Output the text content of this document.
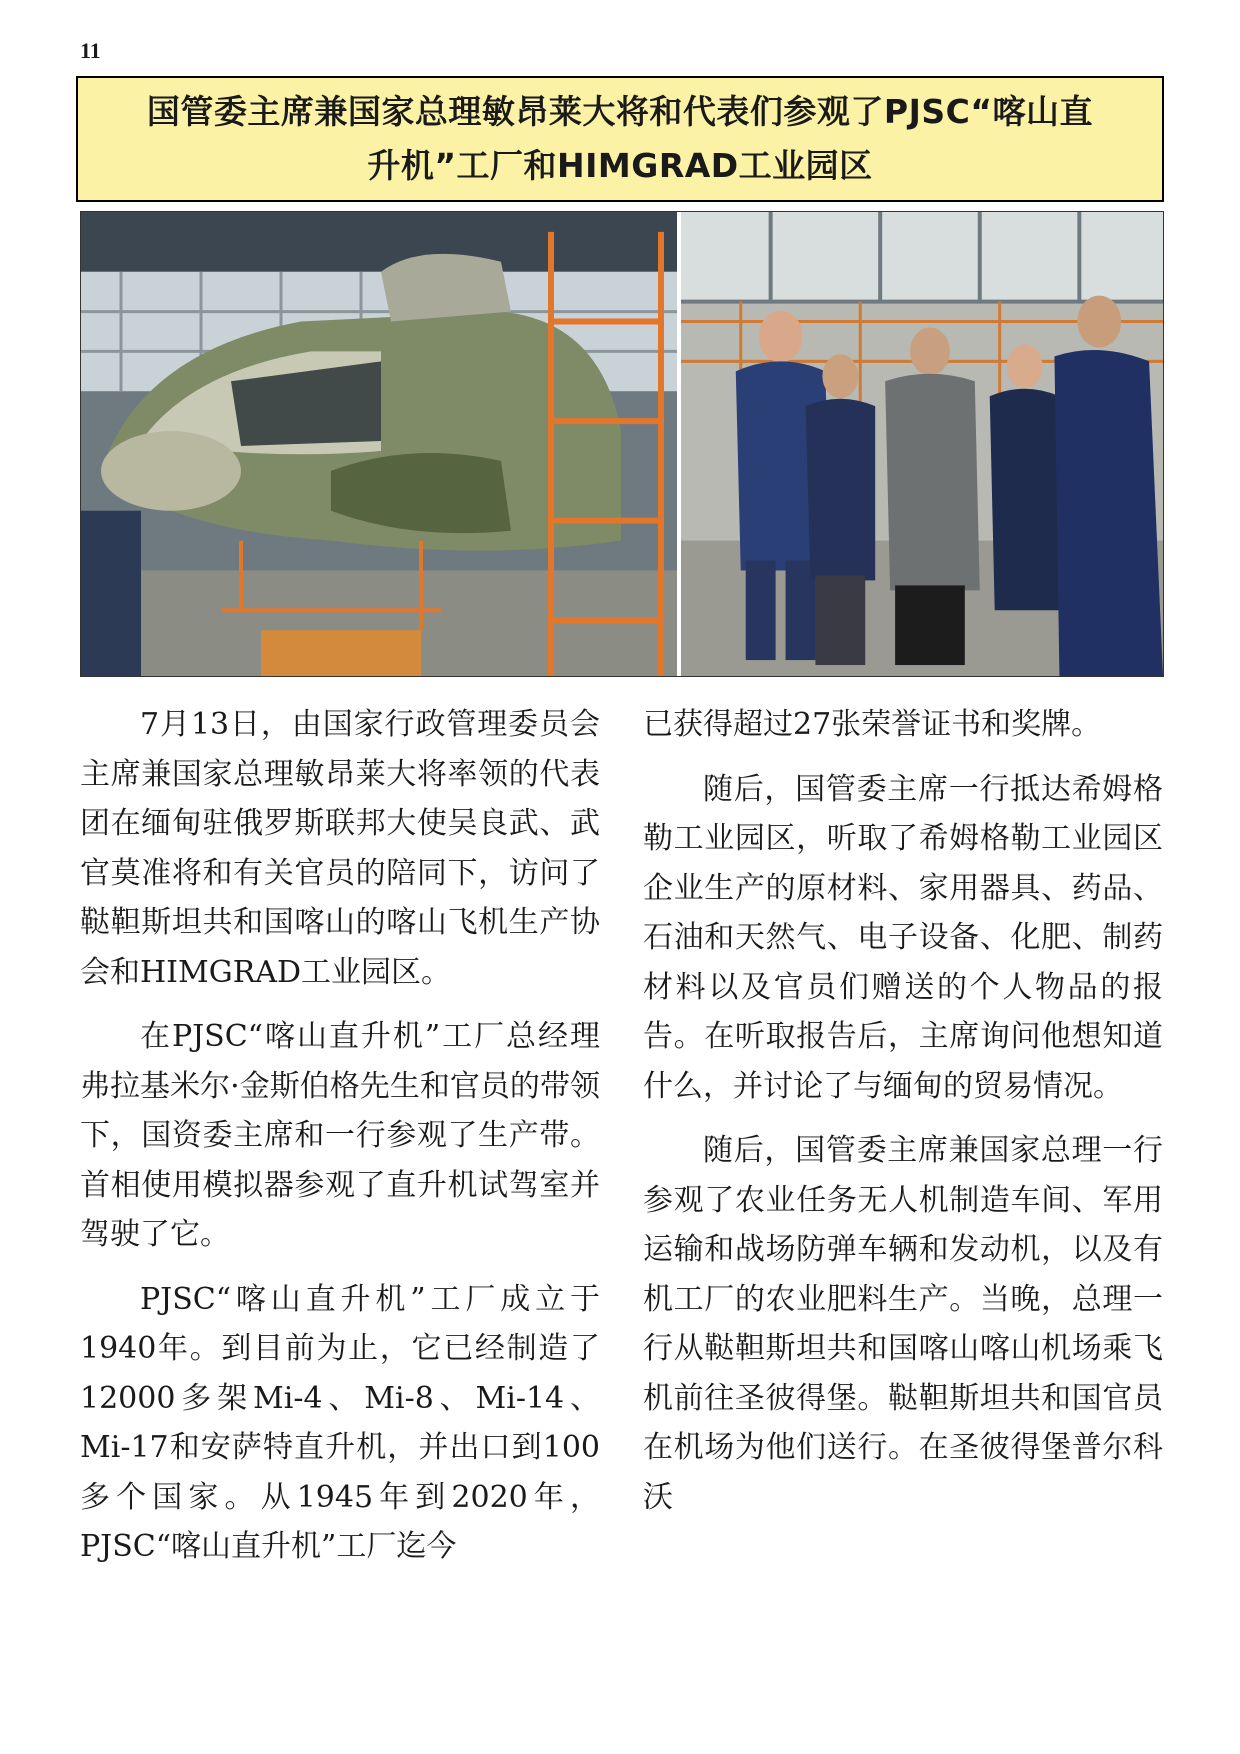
11
国管委主席兼国家总理敏昂莱大将和代表们参观了PJSC“喀山直
升机”工厂和HIMGRAD工业园区

7月13日，由国家行政管理委员会主席兼国家总理敏昂莱大将率领的代表团在缅甸驻俄罗斯联邦大使吴良武、武官莫准将和有关官员的陪同下，访问了鞑靼斯坦共和国喀山的喀山飞机生产协会和HIMGRAD工业园区。

在PJSC“喀山直升机”工厂总经理弗拉基米尔·金斯伯格先生和官员的带领下，国资委主席和一行参观了生产带。首相使用模拟器参观了直升机试驾室并驾驶了它。

PJSC“喀山直升机”工厂成立于1940年。到目前为止，它已经制造了12000多架Mi-4、Mi-8、Mi-14、Mi-17和安萨特直升机，并出口到100多个国家。从1945年到2020年，PJSC“喀山直升机”工厂迄今

已获得超过27张荣誉证书和奖牌。

随后，国管委主席一行抵达希姆格勒工业园区，听取了希姆格勒工业园区企业生产的原材料、家用器具、药品、石油和天然气、电子设备、化肥、制药材料以及官员们赠送的个人物品的报告。在听取报告后，主席询问他想知道什么，并讨论了与缅甸的贸易情况。

随后，国管委主席兼国家总理一行参观了农业任务无人机制造车间、军用运输和战场防弹车辆和发动机，以及有机工厂的农业肥料生产。当晚，总理一行从鞑靼斯坦共和国喀山喀山机场乘飞机前往圣彼得堡。鞑靼斯坦共和国官员在机场为他们送行。在圣彼得堡普尔科沃
